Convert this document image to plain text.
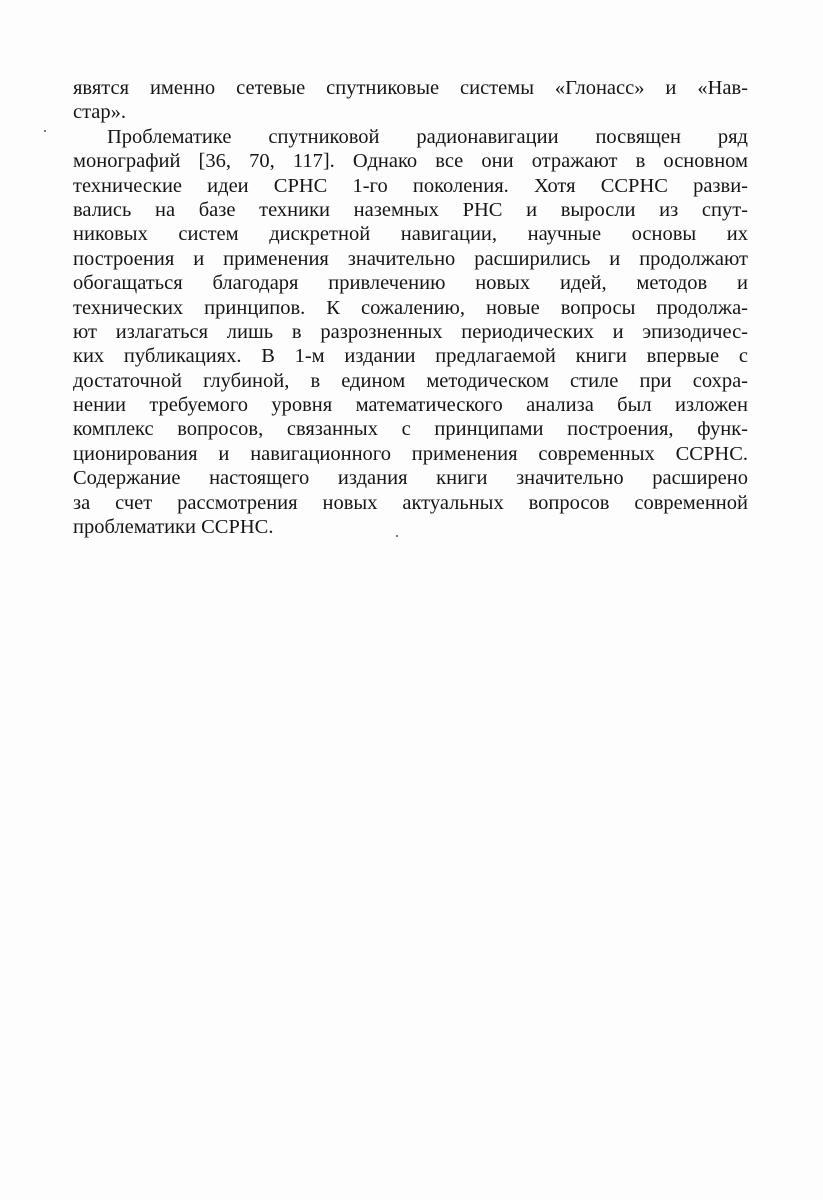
явятся именно сетевые спутниковые системы «Глонасс» и «Нав-
стар».
Проблематике спутниковой радионавигации посвящен ряд
монографий [36, 70, 117]. Однако все они отражают в основном
технические идеи СРНС 1-го поколения. Хотя ССРНС разви-
вались на базе техники наземных РНС и выросли из спут-
никовых систем дискретной навигации, научные основы их
построения и применения значительно расширились и продолжают
обогащаться благодаря привлечению новых идей, методов и
технических принципов. К сожалению, новые вопросы продолжа-
ют излагаться лишь в разрозненных периодических и эпизодичес-
ких публикациях. В 1-м издании предлагаемой книги впервые с
достаточной глубиной, в едином методическом стиле при сохра-
нении требуемого уровня математического анализа был изложен
комплекс вопросов, связанных с принципами построения, функ-
ционирования и навигационного применения современных ССРНС.
Содержание настоящего издания книги значительно расширено
за счет рассмотрения новых актуальных вопросов современной
проблематики ССРНС.
